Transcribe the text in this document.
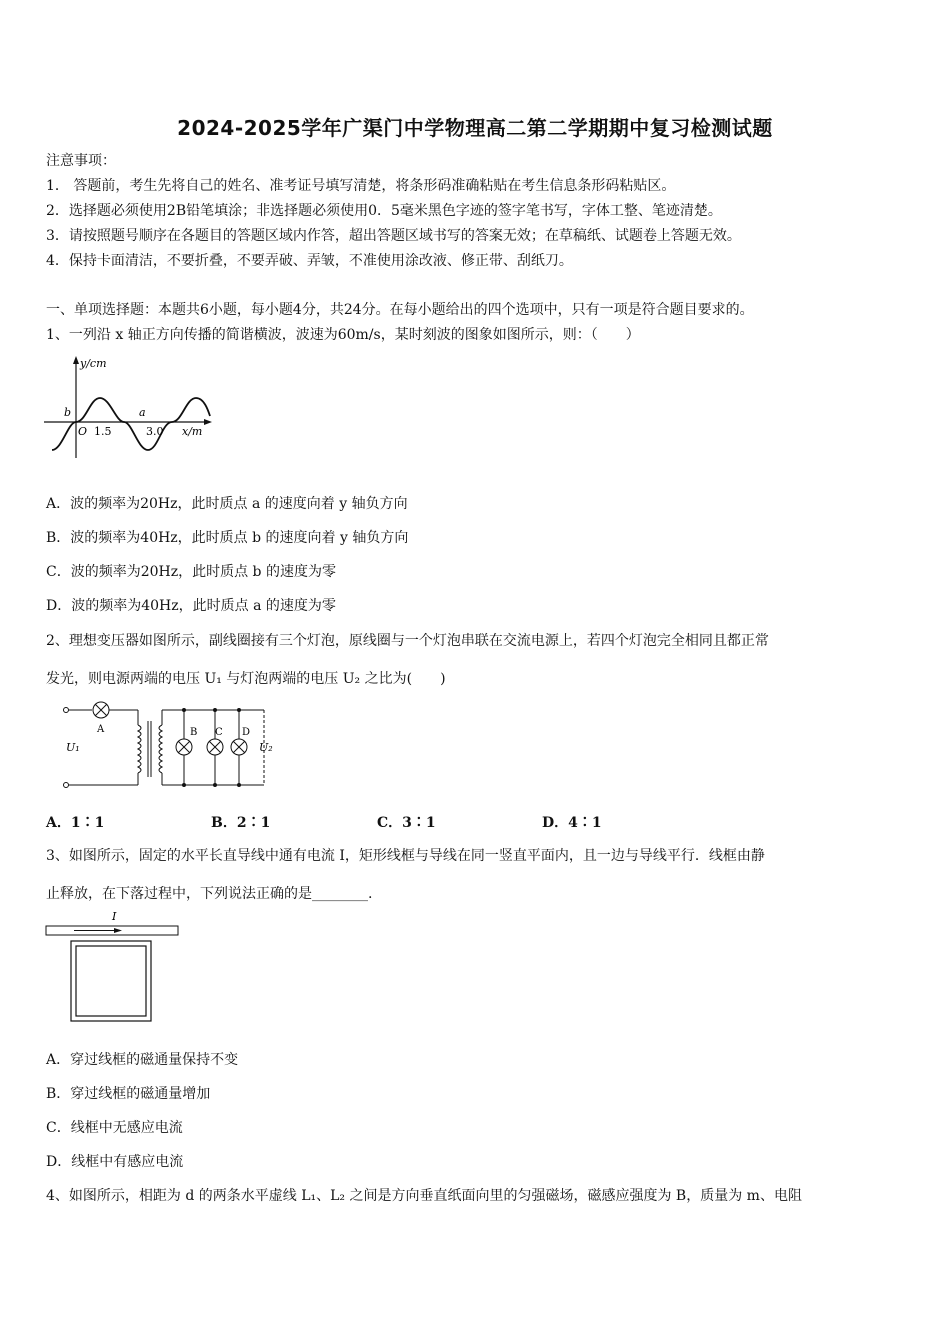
2024-2025学年广渠门中学物理高二第二学期期中复习检测试题
注意事项：
1． 答题前，考生先将自己的姓名、准考证号填写清楚，将条形码准确粘贴在考生信息条形码粘贴区。
2．选择题必须使用2B铅笔填涂；非选择题必须使用0．5毫米黑色字迹的签字笔书写，字体工整、笔迹清楚。
3．请按照题号顺序在各题目的答题区域内作答，超出答题区域书写的答案无效；在草稿纸、试题卷上答题无效。
4．保持卡面清洁，不要折叠，不要弄破、弄皱，不准使用涂改液、修正带、刮纸刀。
一、单项选择题：本题共6小题，每小题4分，共24分。在每小题给出的四个选项中，只有一项是符合题目要求的。
1、一列沿 x 轴正方向传播的简谐横波，波速为60m/s，某时刻波的图象如图所示，则：（　　）
y/cm
O 1.5	3.0 x/m
b	a
A．波的频率为20Hz，此时质点 a 的速度向着 y 轴负方向
B．波的频率为40Hz，此时质点 b 的速度向着 y 轴负方向
C．波的频率为20Hz，此时质点 b 的速度为零
D．波的频率为40Hz，此时质点 a 的速度为零
2、理想变压器如图所示，副线圈接有三个灯泡，原线圈与一个灯泡串联在交流电源上，若四个灯泡完全相同且都正常
发光，则电源两端的电压 U₁ 与灯泡两端的电压 U₂ 之比为(　　)
A	B C D
U₁	U₂
A．1∶1	B．2∶1	C．3∶1	D．4∶1
3、如图所示，固定的水平长直导线中通有电流 I，矩形线框与导线在同一竖直平面内，且一边与导线平行．线框由静
止释放，在下落过程中，下列说法正确的是________.
I
A．穿过线框的磁通量保持不变
B．穿过线框的磁通量增加
C．线框中无感应电流
D．线框中有感应电流
4、如图所示，相距为 d 的两条水平虚线 L₁、L₂ 之间是方向垂直纸面向里的匀强磁场，磁感应强度为 B，质量为 m、电阻
